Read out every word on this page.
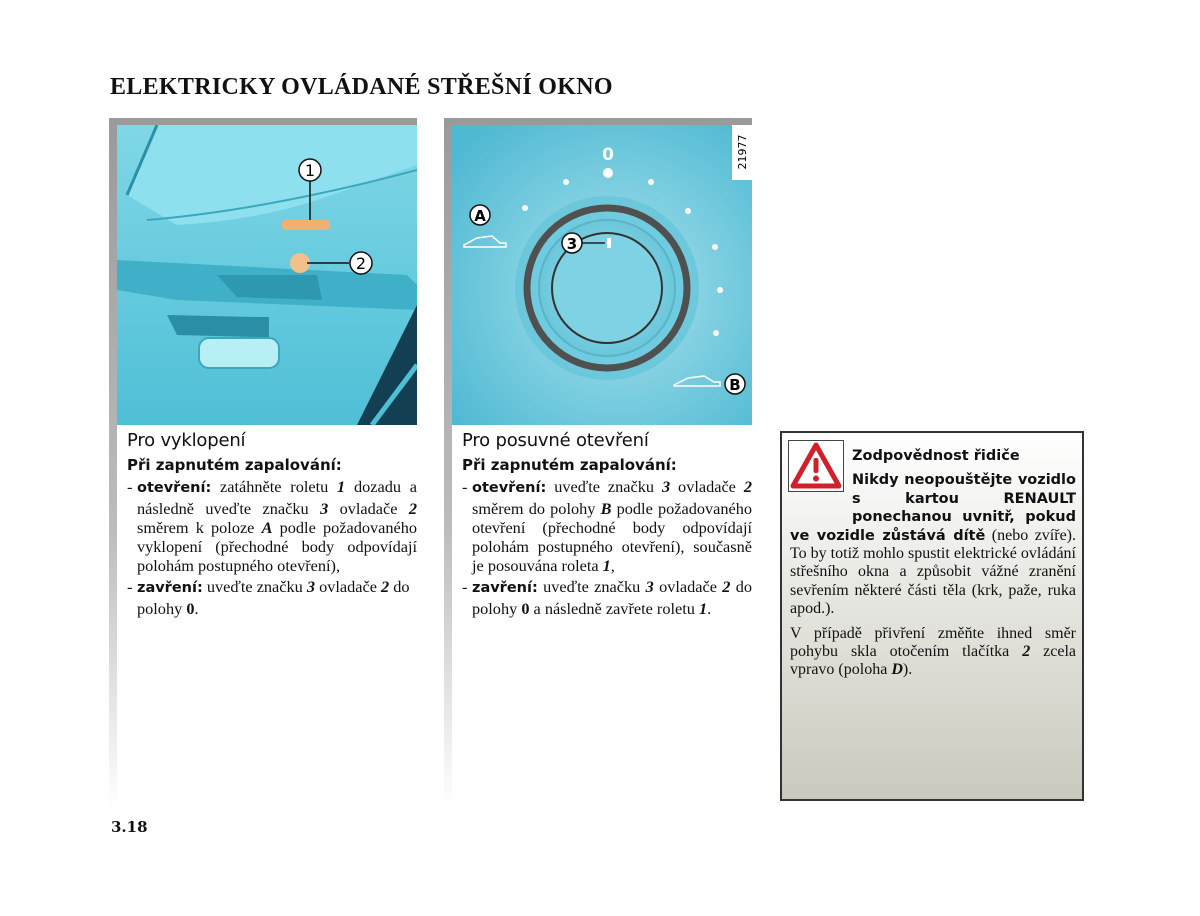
ELEKTRICKY OVLÁDANÉ STŘEŠNÍ OKNO
1
2
21977
0
3
A
B
Pro vyklopení
Při zapnutém zapalování:
- otevření: zatáhněte roletu 1 dozadu a následně uveďte značku 3 ovladače 2 směrem k poloze A podle požadovaného vyklopení (přechodné body odpovídají polohám postupného otevření),
- zavření: uveďte značku 3 ovladače 2 do polohy 0.
Pro posuvné otevření
Při zapnutém zapalování:
- otevření: uveďte značku 3 ovladače 2 směrem do polohy B podle požadovaného otevření (přechodné body odpovídají polohám postupného otevření), současně je posouvána roleta 1,
- zavření: uveďte značku 3 ovladače 2 do polohy 0 a následně zavřete roletu 1.
Zodpovědnost řidiče

Nikdy neopouštějte vozidlo s kartou RENAULT ponechanou uvnitř, pokud ve vozidle zůstává dítě (nebo zvíře). To by totiž mohlo spustit elektrické ovládání střešního okna a způsobit vážné zranění sevřením některé části těla (krk, paže, ruka apod.).

V případě přivření změňte ihned směr pohybu skla otočením tlačítka 2 zcela vpravo (poloha D).

3.18
